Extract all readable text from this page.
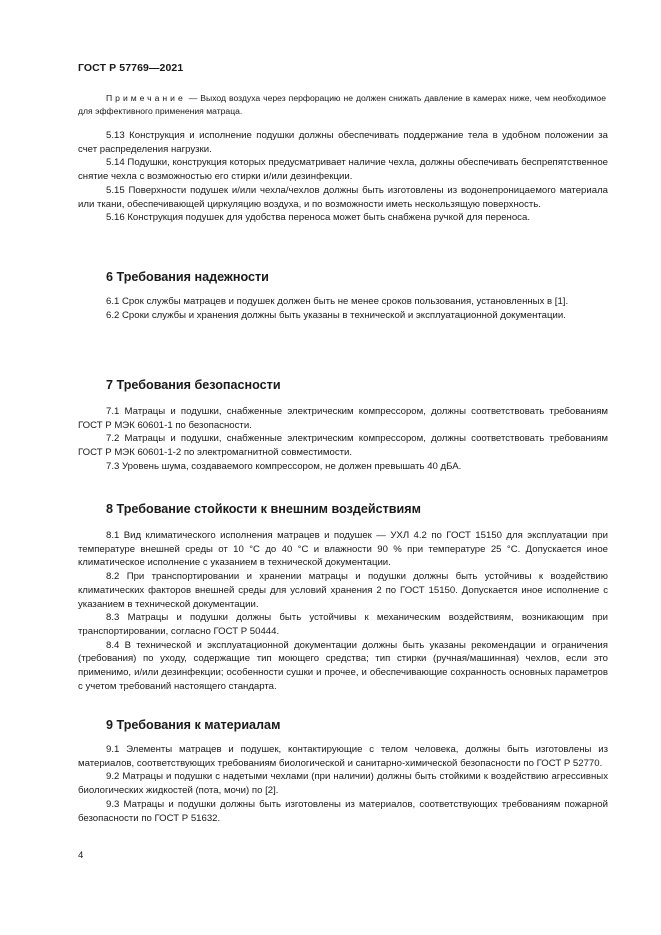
ГОСТ Р 57769—2021
Примечание — Выход воздуха через перфорацию не должен снижать давление в камерах ниже, чем необходимое для эффективного применения матраца.

5.13 Конструкция и исполнение подушки должны обеспечивать поддержание тела в удобном положении за счет распределения нагрузки.

5.14 Подушки, конструкция которых предусматривает наличие чехла, должны обеспечивать беспрепятственное снятие чехла с возможностью его стирки и/или дезинфекции.

5.15 Поверхности подушек и/или чехла/чехлов должны быть изготовлены из водонепроницаемого материала или ткани, обеспечивающей циркуляцию воздуха, и по возможности иметь нескользящую поверхность.

5.16 Конструкция подушек для удобства переноса может быть снабжена ручкой для переноса.

6 Требования надежности

6.1 Срок службы матрацев и подушек должен быть не менее сроков пользования, установленных в [1].

6.2 Сроки службы и хранения должны быть указаны в технической и эксплуатационной документации.

7 Требования безопасности

7.1 Матрацы и подушки, снабженные электрическим компрессором, должны соответствовать требованиям ГОСТ Р МЭК 60601-1 по безопасности.

7.2 Матрацы и подушки, снабженные электрическим компрессором, должны соответствовать требованиям ГОСТ Р МЭК 60601-1-2 по электромагнитной совместимости.

7.3 Уровень шума, создаваемого компрессором, не должен превышать 40 дБА.

8 Требование стойкости к внешним воздействиям

8.1 Вид климатического исполнения матрацев и подушек — УХЛ 4.2 по ГОСТ 15150 для эксплуатации при температуре внешней среды от 10 °С до 40 °С и влажности 90 % при температуре 25 °С. Допускается иное климатическое исполнение с указанием в технической документации.

8.2 При транспортировании и хранении матрацы и подушки должны быть устойчивы к воздействию климатических факторов внешней среды для условий хранения 2 по ГОСТ 15150. Допускается иное исполнение с указанием в технической документации.

8.3 Матрацы и подушки должны быть устойчивы к механическим воздействиям, возникающим при транспортировании, согласно ГОСТ Р 50444.

8.4 В технической и эксплуатационной документации должны быть указаны рекомендации и ограничения (требования) по уходу, содержащие тип моющего средства; тип стирки (ручная/машинная) чехлов, если это применимо, и/или дезинфекции; особенности сушки и прочее, и обеспечивающие сохранность основных параметров с учетом требований настоящего стандарта.

9 Требования к материалам

9.1 Элементы матрацев и подушек, контактирующие с телом человека, должны быть изготовлены из материалов, соответствующих требованиям биологической и санитарно-химической безопасности по ГОСТ Р 52770.

9.2 Матрацы и подушки с надетыми чехлами (при наличии) должны быть стойкими к воздействию агрессивных биологических жидкостей (пота, мочи) по [2].

9.3 Матрацы и подушки должны быть изготовлены из материалов, соответствующих требованиям пожарной безопасности по ГОСТ Р 51632.

4
